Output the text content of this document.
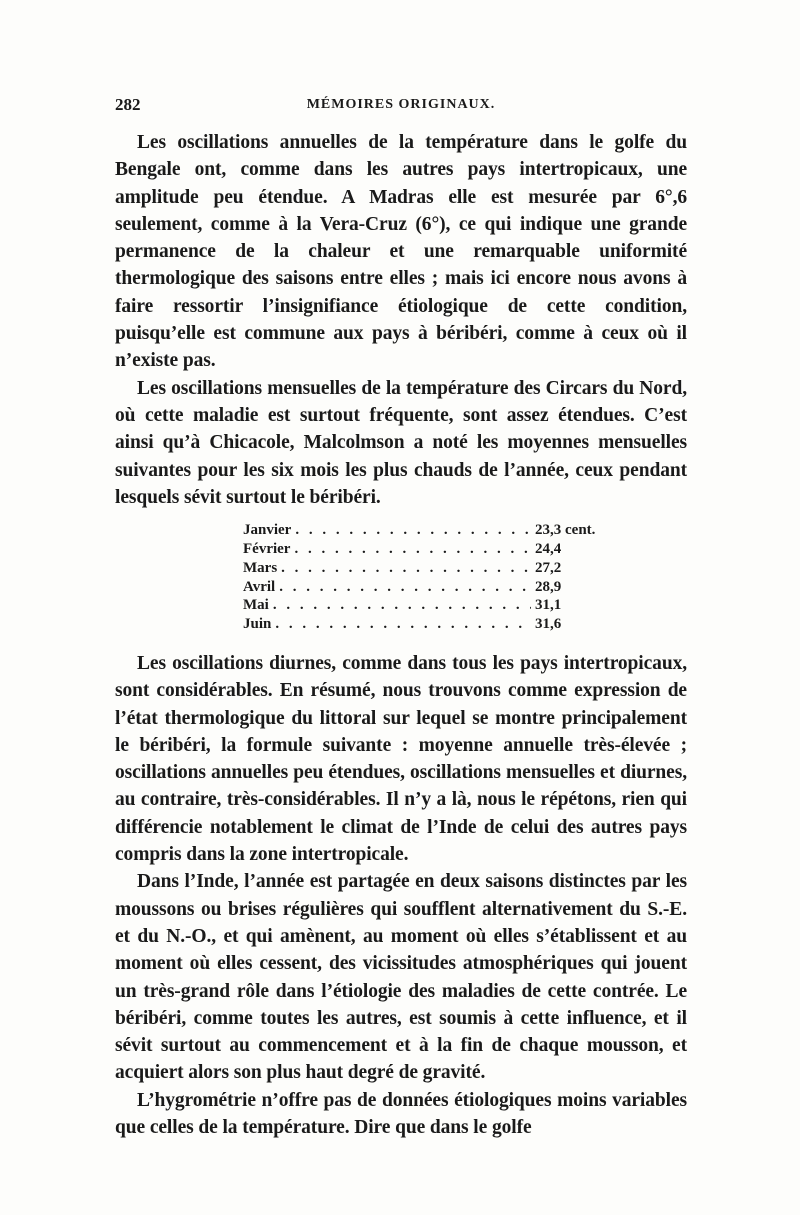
282	MÉMOIRES ORIGINAUX.

Les oscillations annuelles de la température dans le golfe du Bengale ont, comme dans les autres pays intertropicaux, une amplitude peu étendue. A Madras elle est mesurée par 6°,6 seulement, comme à la Vera-Cruz (6°), ce qui indique une grande permanence de la chaleur et une remarquable uniformité thermologique des saisons entre elles ; mais ici encore nous avons à faire ressortir l’insignifiance étiologique de cette condition, puisqu’elle est commune aux pays à béribéri, comme à ceux où il n’existe pas.

Les oscillations mensuelles de la température des Circars du Nord, où cette maladie est surtout fréquente, sont assez étendues. C’est ainsi qu’à Chicacole, Malcolmson a noté les moyennes mensuelles suivantes pour les six mois les plus chauds de l’année, ceux pendant lesquels sévit surtout le béribéri.

Janvier . . .	23,3 cent.
Février . . .	24,4
Mars . . .	27,2
Avril . . .	28,9
Mai . . .	31,1
Juin . . .	31,6

Les oscillations diurnes, comme dans tous les pays intertropicaux, sont considérables. En résumé, nous trouvons comme expression de l’état thermologique du littoral sur lequel se montre principalement le béribéri, la formule suivante : moyenne annuelle très-élevée ; oscillations annuelles peu étendues, oscillations mensuelles et diurnes, au contraire, très-considérables. Il n’y a là, nous le répétons, rien qui différencie notablement le climat de l’Inde de celui des autres pays compris dans la zone intertropicale.

Dans l’Inde, l’année est partagée en deux saisons distinctes par les moussons ou brises régulières qui soufflent alternativement du S.-E. et du N.-O., et qui amènent, au moment où elles s’établissent et au moment où elles cessent, des vicissitudes atmosphériques qui jouent un très-grand rôle dans l’étiologie des maladies de cette contrée. Le béribéri, comme toutes les autres, est soumis à cette influence, et il sévit surtout au commencement et à la fin de chaque mousson, et acquiert alors son plus haut degré de gravité.

L’hygrométrie n’offre pas de données étiologiques moins variables que celles de la température. Dire que dans le golfe
